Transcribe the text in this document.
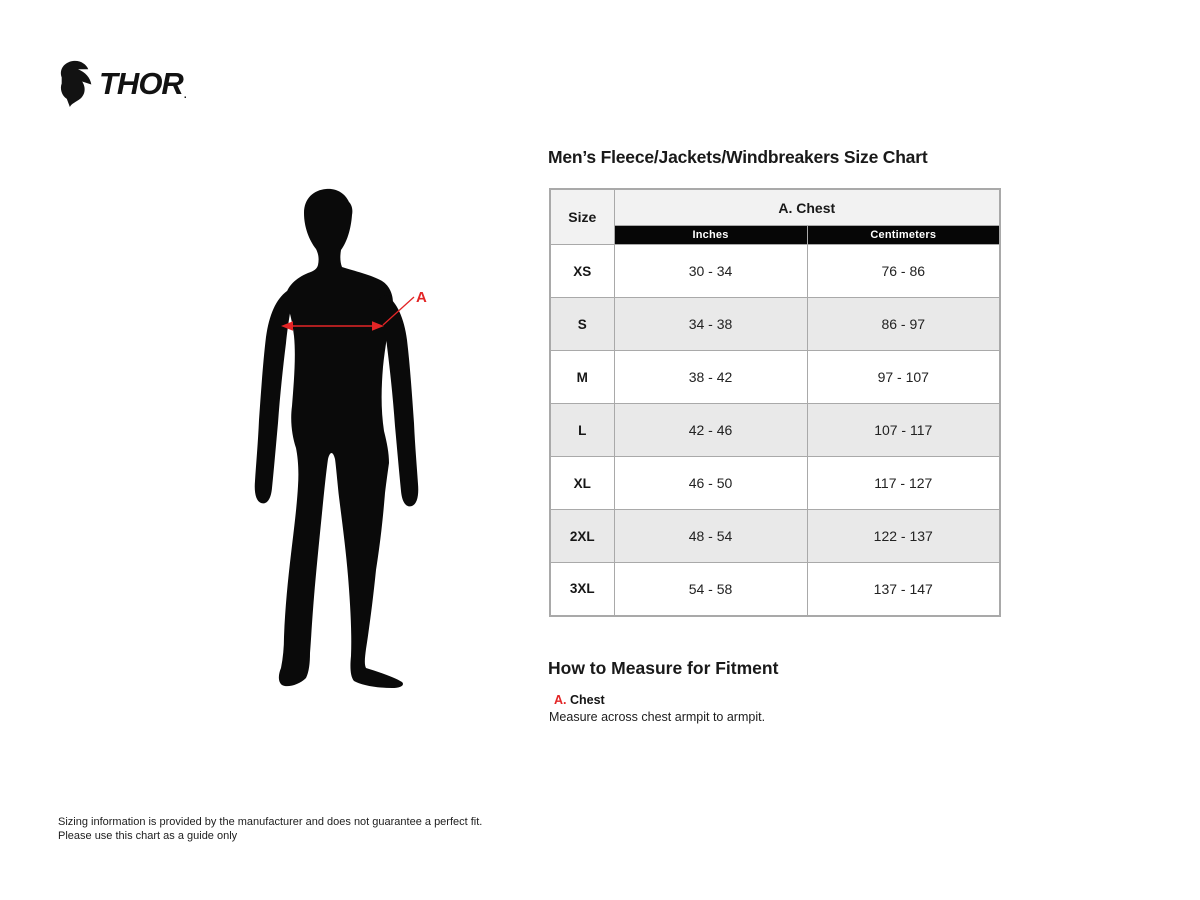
THOR .
A
Men’s Fleece/Jackets/Windbreakers Size Chart
Size	A. Chest	
	Inches	Centimeters
XS	30 - 34	76 - 86
S	34 - 38	86 - 97
M	38 - 42	97 - 107
L	42 - 46	107 - 117
XL	46 - 50	117 - 127
2XL	48 - 54	122 - 137
3XL	54 - 58	137 - 147
How to Measure for Fitment
A. Chest
Measure across chest armpit to armpit.
Sizing information is provided by the manufacturer and does not guarantee a perfect fit.
Please use this chart as a guide only
